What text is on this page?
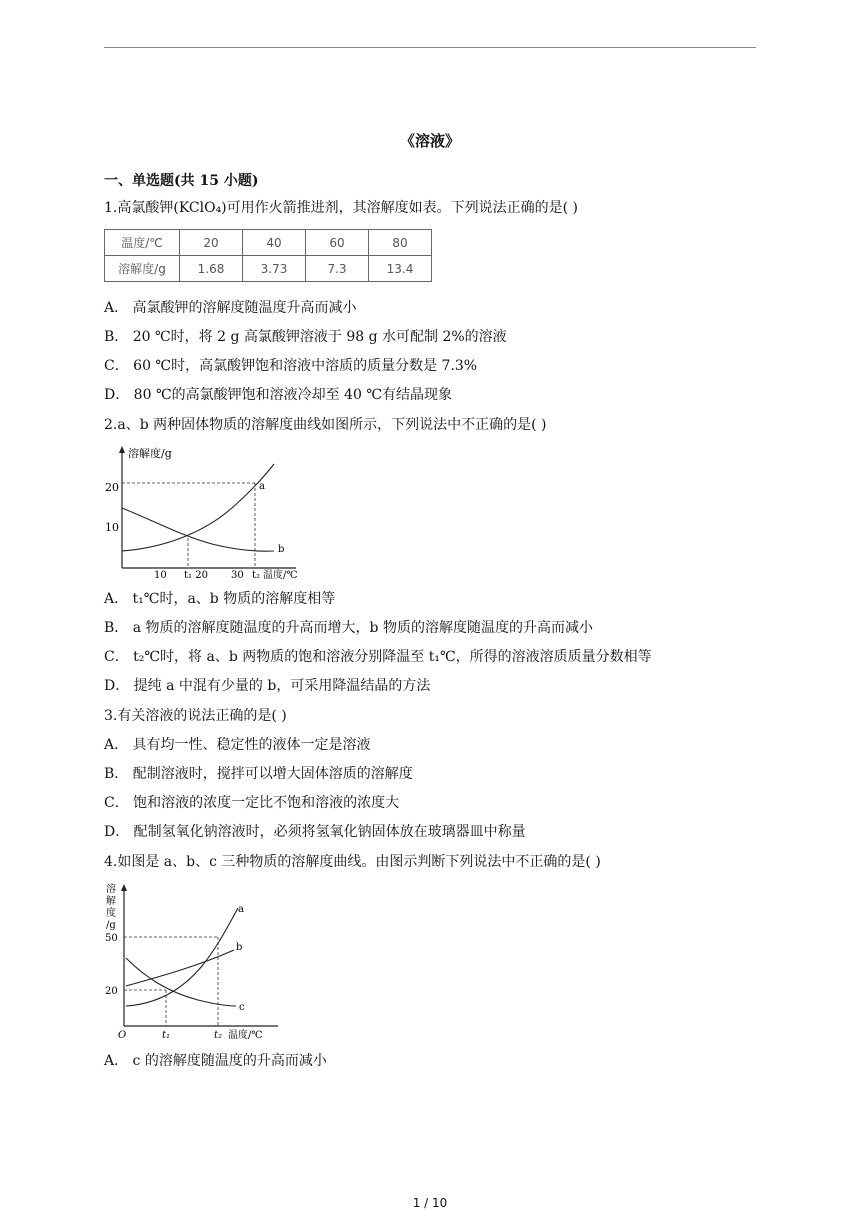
《溶液》
一、单选题(共 15 小题)
1.高氯酸钾(KClO₄)可用作火箭推进剂，其溶解度如表。下列说法正确的是( )
温度/℃	20	40	60	80
溶解度/g	1.68	3.73	7.3	13.4
A． 高氯酸钾的溶解度随温度升高而减小
B． 20 ℃时，将 2 g 高氯酸钾溶液于 98 g 水可配制 2%的溶液
C． 60 ℃时，高氯酸钾饱和溶液中溶质的质量分数是 7.3%
D． 80 ℃的高氯酸钾饱和溶液冷却至 40 ℃有结晶现象
2.a、b 两种固体物质的溶解度曲线如图所示，下列说法中不正确的是( )
溶解度/g
20
10
10 t₁ 20 30 t₂ 温度/℃
a
b
A． t₁℃时，a、b 物质的溶解度相等
B． a 物质的溶解度随温度的升高而增大，b 物质的溶解度随温度的升高而减小
C． t₂℃时，将 a、b 两物质的饱和溶液分别降温至 t₁℃，所得的溶液溶质质量分数相等
D． 提纯 a 中混有少量的 b，可采用降温结晶的方法
3.有关溶液的说法正确的是( )
A． 具有均一性、稳定性的液体一定是溶液
B． 配制溶液时，搅拌可以增大固体溶质的溶解度
C． 饱和溶液的浓度一定比不饱和溶液的浓度大
D． 配制氢氧化钠溶液时，必须将氢氧化钠固体放在玻璃器皿中称量
4.如图是 a、b、c 三种物质的溶解度曲线。由图示判断下列说法中不正确的是( )
溶
解
度
/g
50
20
O	t₁	t₂ 温度/℃
a
b
c
A． c 的溶解度随温度的升高而减小
1 / 10
